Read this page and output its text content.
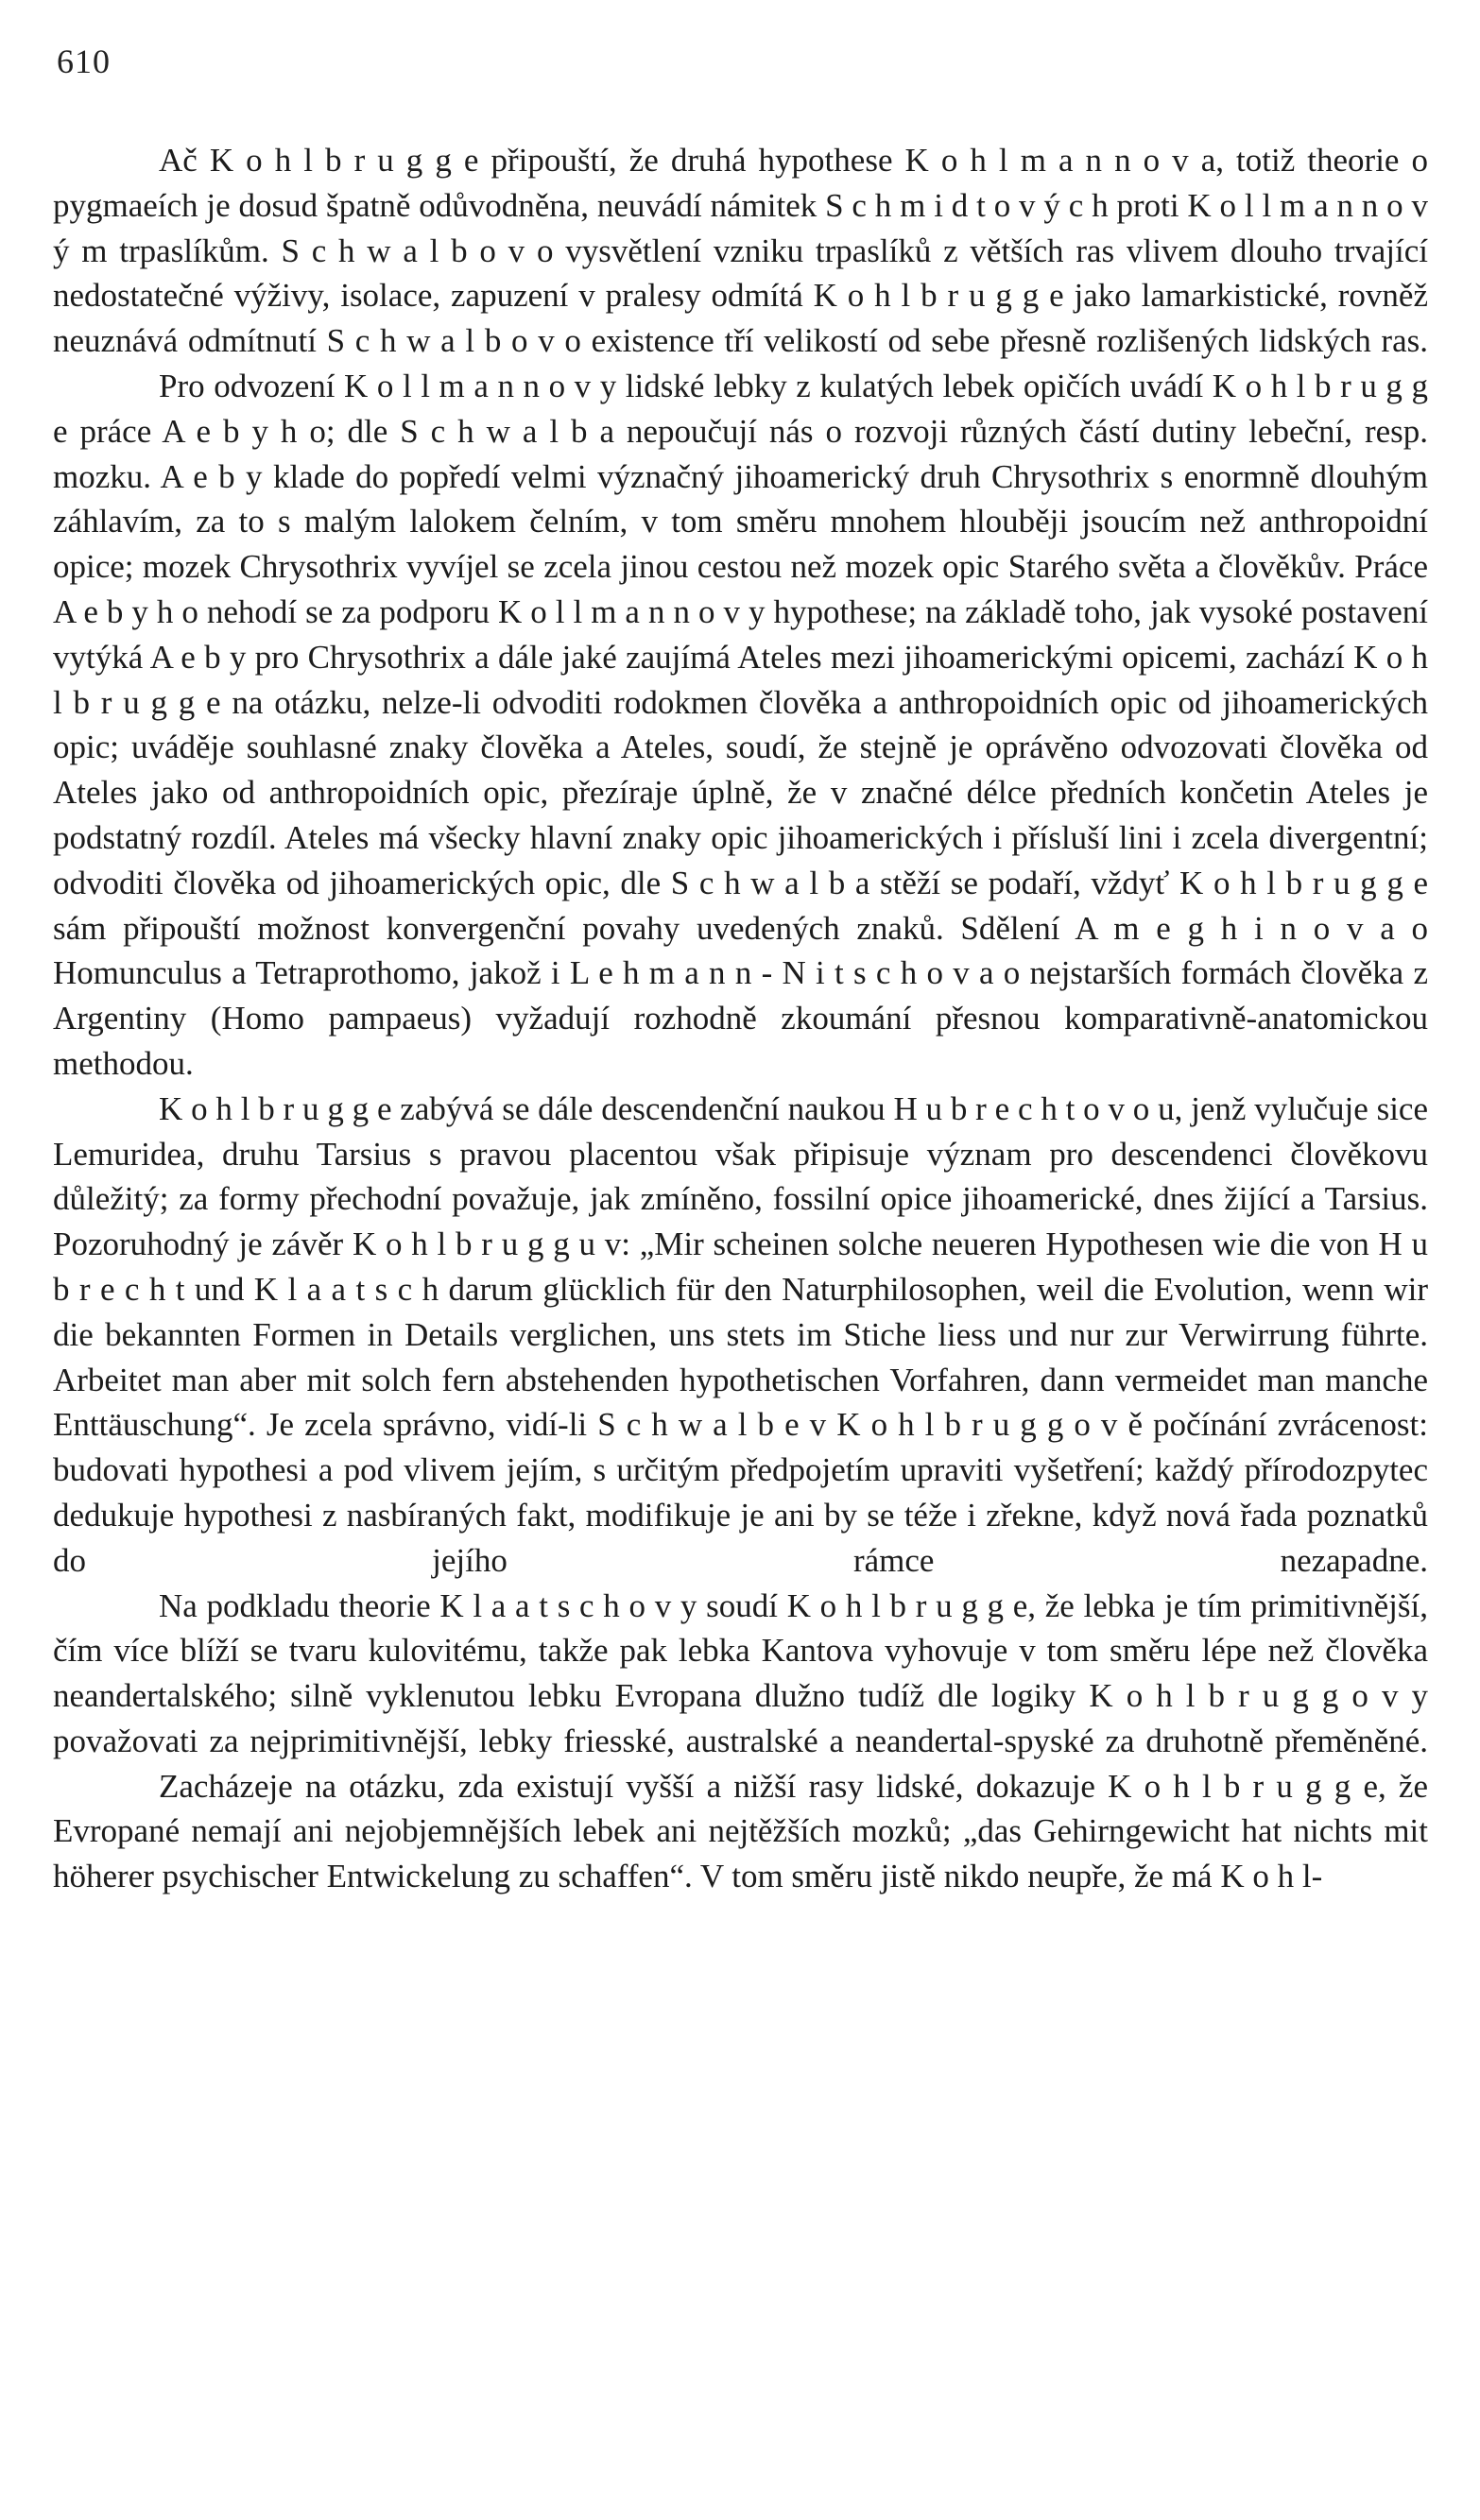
610

Ač K o h l b r u g g e připouští, že druhá hypothese K o h l m a n n o v a, totiž theorie o pygmaeích je dosud špatně odůvodněna, neuvádí námitek S c h m i d t o v ý c h proti K o l l m a n n o v ý m trpaslíkům. S c h w a l b o v o vysvětlení vzniku trpaslíků z větších ras vlivem dlouho trvající nedostatečné výživy, isolace, zapuzení v pralesy odmítá K o h l b r u g g e jako lamarkistické, rovněž neuznává odmítnutí S c h w a l b o v o existence tří velikostí od sebe přesně rozlišených lidských ras.

Pro odvození K o l l m a n n o v y lidské lebky z kulatých lebek opičích uvádí K o h l b r u g g e práce A e b y h o; dle S c h w a l b a nepoučují nás o rozvoji různých částí dutiny lebeční, resp. mozku. A e b y klade do popředí velmi význačný jihoamerický druh Chrysothrix s enormně dlouhým záhlavím, za to s malým lalokem čelním, v tom směru mnohem hlouběji jsoucím než anthropoidní opice; mozek Chrysothrix vyvíjel se zcela jinou cestou než mozek opic Starého světa a člověkův. Práce A e b y h o nehodí se za podporu K o l l m a n n o v y hypothese; na základě toho, jak vysoké postavení vytýká A e b y pro Chrysothrix a dále jaké zaujímá Ateles mezi jihoamerickými opicemi, zachází K o h l b r u g g e na otázku, nelze-li odvoditi rodokmen člověka a anthropoidních opic od jihoamerických opic; uváděje souhlasné znaky člověka a Ateles, soudí, že stejně je oprávěno odvozovati člověka od Ateles jako od anthropoidních opic, přezíraje úplně, že v značné délce předních končetin Ateles je podstatný rozdíl. Ateles má všecky hlavní znaky opic jihoamerických i přísluší lini i zcela divergentní; odvoditi člověka od jihoamerických opic, dle S c h w a l b a stěží se podaří, vždyť K o h l b r u g g e sám připouští možnost konvergenční povahy uvedených znaků. Sdělení A m e g h i n o v a o Homunculus a Tetraprothomo, jakož i L e h m a n n - N i t s c h o v a o nejstarších formách člověka z Argentiny (Homo pampaeus) vyžadují rozhodně zkoumání přesnou komparativně-anatomickou methodou.

K o h l b r u g g e zabývá se dále descendenční naukou H u b r e c h t o v o u, jenž vylučuje sice Lemuridea, druhu Tarsius s pravou placentou však připisuje význam pro descendenci člověkovu důležitý; za formy přechodní považuje, jak zmíněno, fossilní opice jihoamerické, dnes žijící a Tarsius. Pozoruhodný je závěr K o h l b r u g g u v: „Mir scheinen solche neueren Hypothesen wie die von H u b r e c h t und K l a a t s c h darum glücklich für den Naturphilosophen, weil die Evolution, wenn wir die bekannten Formen in Details verglichen, uns stets im Stiche liess und nur zur Verwirrung führte. Arbeitet man aber mit solch fern abstehenden hypothetischen Vorfahren, dann vermeidet man manche Enttäuschung“. Je zcela správno, vidí-li S c h w a l b e v K o h l b r u g g o v ě počínání zvrácenost: budovati hypothesi a pod vlivem jejím, s určitým předpojetím upraviti vyšetření; každý přírodozpytec dedukuje hypothesi z nasbíraných fakt, modifikuje je ani by se téže i zřekne, když nová řada poznatků do jejího rámce nezapadne.

Na podkladu theorie K l a a t s c h o v y soudí K o h l b r u g g e, že lebka je tím primitivnější, čím více blíží se tvaru kulovitému, takže pak lebka Kantova vyhovuje v tom směru lépe než člověka neandertalského; silně vyklenutou lebku Evropana dlužno tudíž dle logiky K o h l b r u g g o v y považovati za nejprimitivnější, lebky friesské, australské a neandertal-spyské za druhotně přeměněné.

Zacházeje na otázku, zda existují vyšší a nižší rasy lidské, dokazuje K o h l b r u g g e, že Evropané nemají ani nejobjemnějších lebek ani nejtěžších mozků; „das Gehirngewicht hat nichts mit höherer psychischer Entwickelung zu schaffen“. V tom směru jistě nikdo neupře, že má K o h l-
